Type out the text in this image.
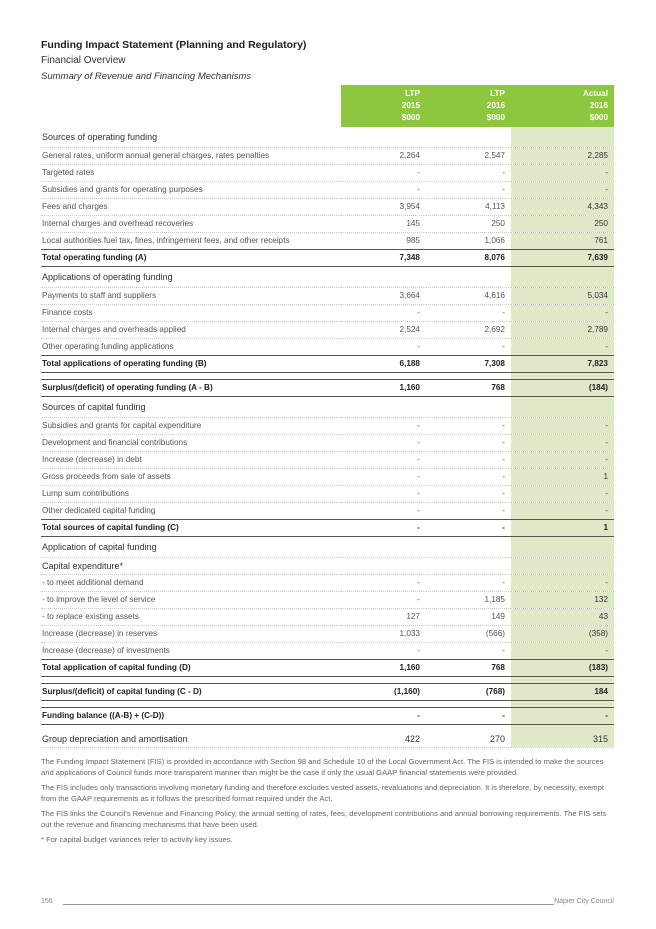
Funding Impact Statement (Planning and Regulatory)
Financial Overview
Summary of Revenue and Financing Mechanisms
	LTP	LTP	Actual
	2015	2016	2016
	$000	$000	$000
Sources of operating funding			
General rates, uniform annual general charges, rates penalties	2,264	2,547	2,285
Targeted rates	-	-	-
Subsidies and grants for operating purposes	-	-	-
Fees and charges	3,954	4,113	4,343
Internal charges and overhead recoveries	145	250	250
Local authorities fuel tax, fines, infringement fees, and other receipts	985	1,066	761
Total operating funding (A)	7,348	8,076	7,639
Applications of operating funding			
Payments to staff and suppliers	3,664	4,616	5,034
Finance costs	-	-	-
Internal charges and overheads applied	2,524	2,692	2,789
Other operating funding applications	-	-	-
Total applications of operating funding (B)	6,188	7,308	7,823

Surplus/(deficit) of operating funding (A - B)	1,160	768	(184)
Sources of capital funding			
Subsidies and grants for capital expenditure	-	-	-
Development and financial contributions	-	-	-
Increase (decrease) in debt	-	-	-
Gross proceeds from sale of assets	-	-	1
Lump sum contributions	-	-	-
Other dedicated capital funding	-	-	-
Total sources of capital funding (C)	-	-	1
Application of capital funding			
Capital expenditure*			
- to meet additional demand	-	-	-
- to improve the level of service	-	1,185	132
- to replace existing assets	127	149	43
Increase (decrease) in reserves	1,033	(566)	(358)
Increase (decrease) of investments	-	-	-
Total application of capital funding (D)	1,160	768	(183)

Surplus/(deficit) of capital funding (C - D)	(1,160)	(768)	184

Funding balance ((A-B) + (C-D))	-	-	-

Group depreciation and amortisation	422	270	315

The Funding Impact Statement (FIS) is provided in accordance with Section 98 and Schedule 10 of the Local Government Act. The FIS is intended to make the sources and applications of Council funds more transparent manner than might be the case if only the usual GAAP financial statements were provided.

The FIS includes only transactions involving monetary funding and therefore excludes vested assets, revaluations and depreciation. It is therefore, by necessity, exempt from the GAAP requirements as it follows the prescribed format required under the Act.

The FIS links the Council's Revenue and Financing Policy, the annual setting of rates, fees, development contributions and annual borrowing requirements. The FIS sets out the revenue and financing mechanisms that have been used.

* For capital budget variances refer to activity key issues.

156	Napier City Council
